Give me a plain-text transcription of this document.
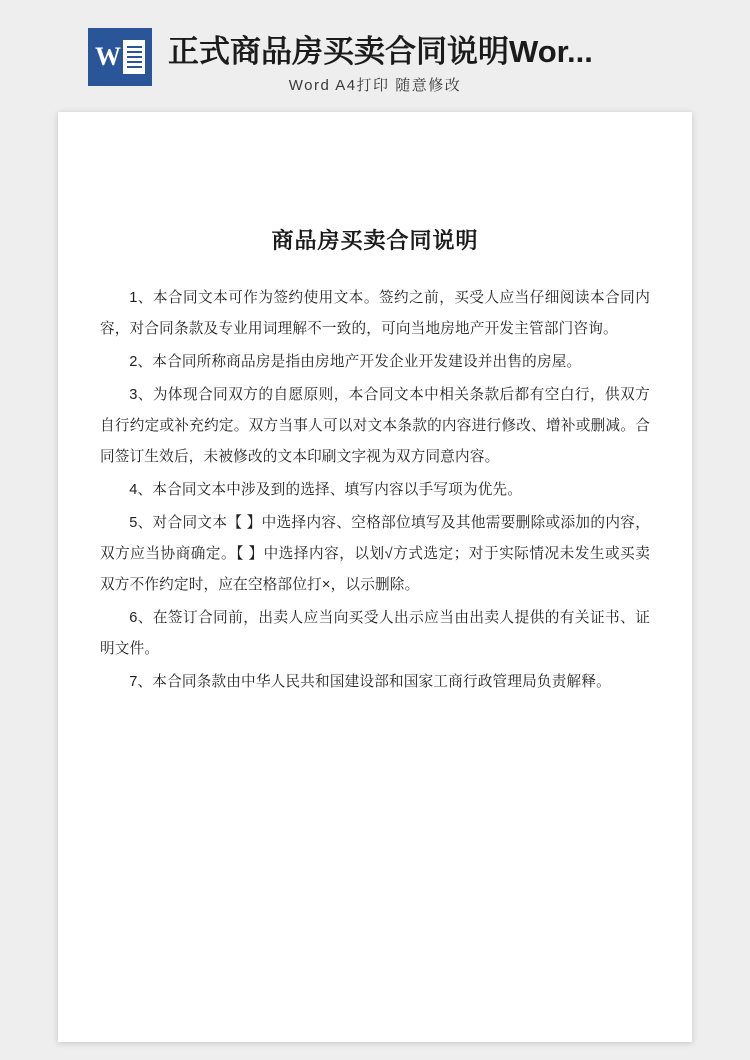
W 正式商品房买卖合同说明Wor...
Word A4打印 随意修改
商品房买卖合同说明

1、本合同文本可作为签约使用文本。签约之前，买受人应当仔细阅读本合同内容，对合同条款及专业用词理解不一致的，可向当地房地产开发主管部门咨询。

2、本合同所称商品房是指由房地产开发企业开发建设并出售的房屋。

3、为体现合同双方的自愿原则，本合同文本中相关条款后都有空白行，供双方自行约定或补充约定。双方当事人可以对文本条款的内容进行修改、增补或删减。合同签订生效后，未被修改的文本印刷文字视为双方同意内容。

4、本合同文本中涉及到的选择、填写内容以手写项为优先。

5、对合同文本【 】中选择内容、空格部位填写及其他需要删除或添加的内容，双方应当协商确定。【 】中选择内容，以划√方式选定；对于实际情况未发生或买卖双方不作约定时，应在空格部位打×，以示删除。

6、在签订合同前，出卖人应当向买受人出示应当由出卖人提供的有关证书、证明文件。

7、本合同条款由中华人民共和国建设部和国家工商行政管理局负责解释。
